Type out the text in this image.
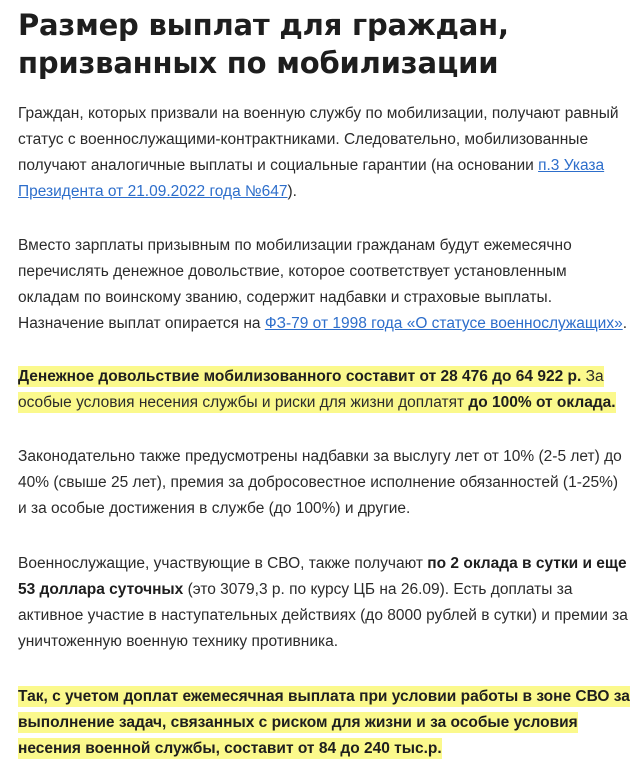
Размер выплат для граждан, призванных по мобилизации

Граждан, которых призвали на военную службу по мобилизации, получают равный статус с военнослужащими-контрактниками. Следовательно, мобилизованные получают аналогичные выплаты и социальные гарантии (на основании п.3 Указа Президента от 21.09.2022 года №647).

Вместо зарплаты призывным по мобилизации гражданам будут ежемесячно перечислять денежное довольствие, которое соответствует установленным окладам по воинскому званию, содержит надбавки и страховые выплаты. Назначение выплат опирается на ФЗ-79 от 1998 года «О статусе военнослужащих».

Денежное довольствие мобилизованного составит от 28 476 до 64 922 р. За особые условия несения службы и риски для жизни доплатят до 100% от оклада.

Законодательно также предусмотрены надбавки за выслугу лет от 10% (2-5 лет) до 40% (свыше 25 лет), премия за добросовестное исполнение обязанностей (1-25%) и за особые достижения в службе (до 100%) и другие.

Военнослужащие, участвующие в СВО, также получают по 2 оклада в сутки и еще 53 доллара суточных (это 3079,3 р. по курсу ЦБ на 26.09). Есть доплаты за активное участие в наступательных действиях (до 8000 рублей в сутки) и премии за уничтоженную военную технику противника.

Так, с учетом доплат ежемесячная выплата при условии работы в зоне СВО за выполнение задач, связанных с риском для жизни и за особые условия несения военной службы, составит от 84 до 240 тыс.р.
